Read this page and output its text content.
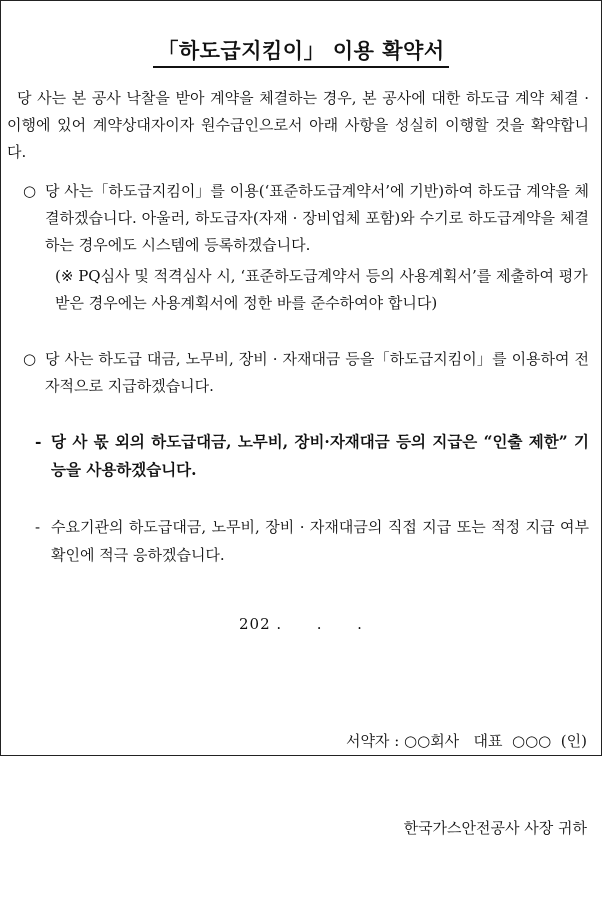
「하도급지킴이」 이용 확약서
당 사는 본 공사 낙찰을 받아 계약을 체결하는 경우, 본 공사에 대한 하도급 계약 체결 · 이행에 있어 계약상대자이자 원수급인으로서 아래 사항을 성실히 이행할 것을 확약합니다.
○ 당 사는「하도급지킴이」를 이용(‘표준하도급계약서’에 기반)하여 하도급 계약을 체결하겠습니다. 아울러, 하도급자(자재 · 장비업체 포함)와 수기로 하도급계약을 체결하는 경우에도 시스템에 등록하겠습니다.
(※ PQ심사 및 적격심사 시, ‘표준하도급계약서 등의 사용계획서’를 제출하여 평가받은 경우에는 사용계획서에 정한 바를 준수하여야 합니다)
○ 당 사는 하도급 대금, 노무비, 장비 · 자재대금 등을「하도급지킴이」를 이용하여 전자적으로 지급하겠습니다.
- 당 사 몫 외의 하도급대금, 노무비, 장비·자재대금 등의 지급은 “인출 제한” 기능을 사용하겠습니다.
- 수요기관의 하도급대금, 노무비, 장비 · 자재대금의 직접 지급 또는 적정 지급 여부 확인에 적극 응하겠습니다.
202 .      .      .

서약자 : ○○회사   대표  ○○○  (인)

한국가스안전공사 사장 귀하
